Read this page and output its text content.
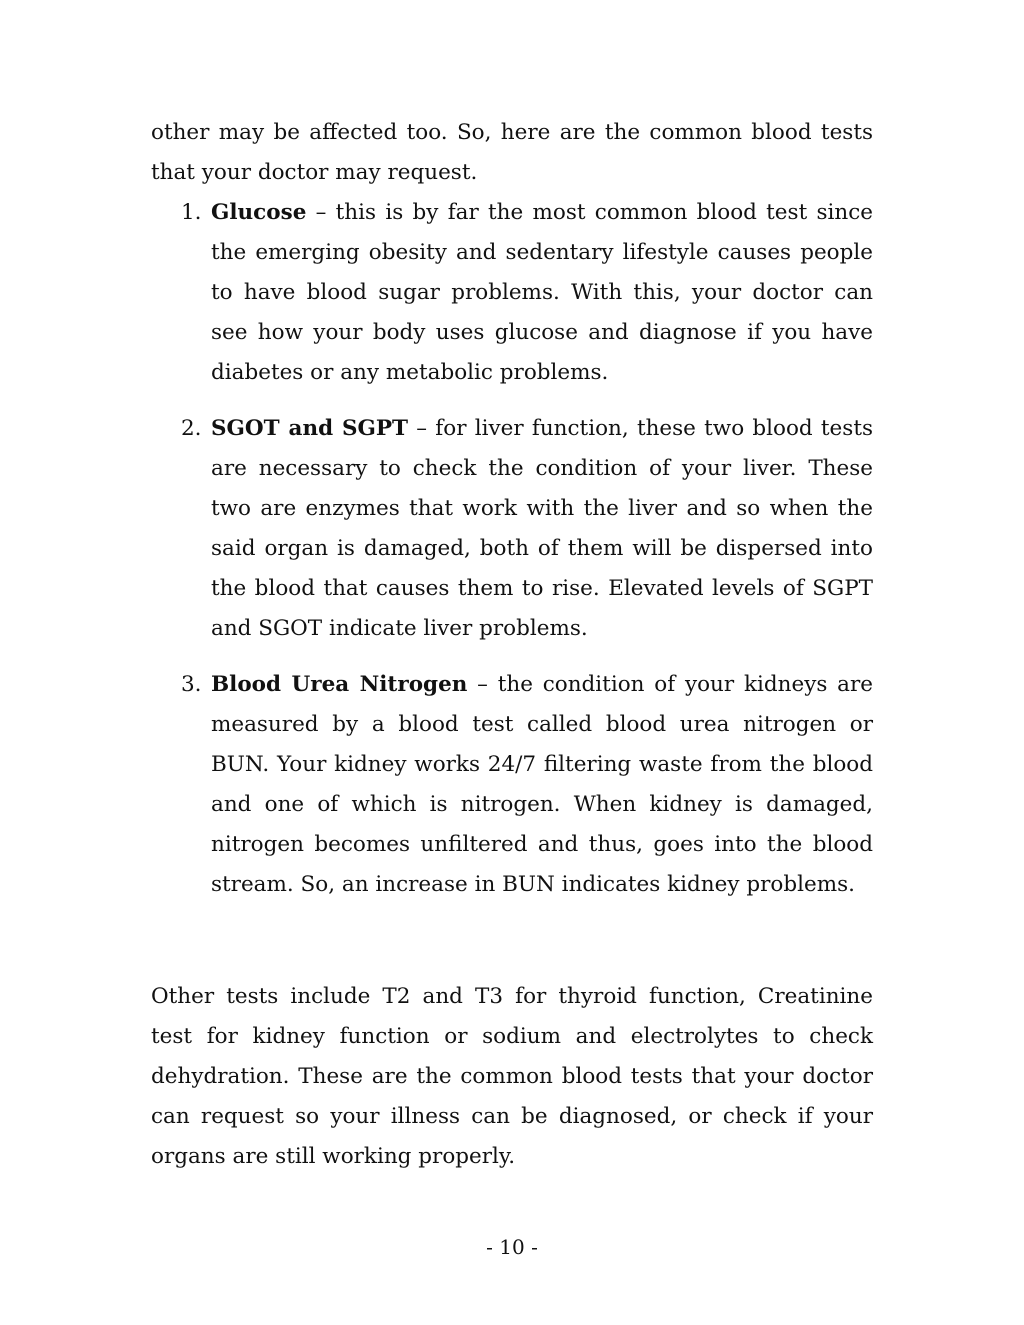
other may be affected too. So, here are the common blood tests that your doctor may request.

1. Glucose – this is by far the most common blood test since the emerging obesity and sedentary lifestyle causes people to have blood sugar problems. With this, your doctor can see how your body uses glucose and diagnose if you have diabetes or any metabolic problems.
2. SGOT and SGPT – for liver function, these two blood tests are necessary to check the condition of your liver. These two are enzymes that work with the liver and so when the said organ is damaged, both of them will be dispersed into the blood that causes them to rise. Elevated levels of SGPT and SGOT indicate liver problems.
3. Blood Urea Nitrogen – the condition of your kidneys are measured by a blood test called blood urea nitrogen or BUN. Your kidney works 24/7 filtering waste from the blood and one of which is nitrogen. When kidney is damaged, nitrogen becomes unfiltered and thus, goes into the blood stream. So, an increase in BUN indicates kidney problems.

Other tests include T2 and T3 for thyroid function, Creatinine test for kidney function or sodium and electrolytes to check dehydration. These are the common blood tests that your doctor can request so your illness can be diagnosed, or check if your organs are still working properly.

- 10 -
